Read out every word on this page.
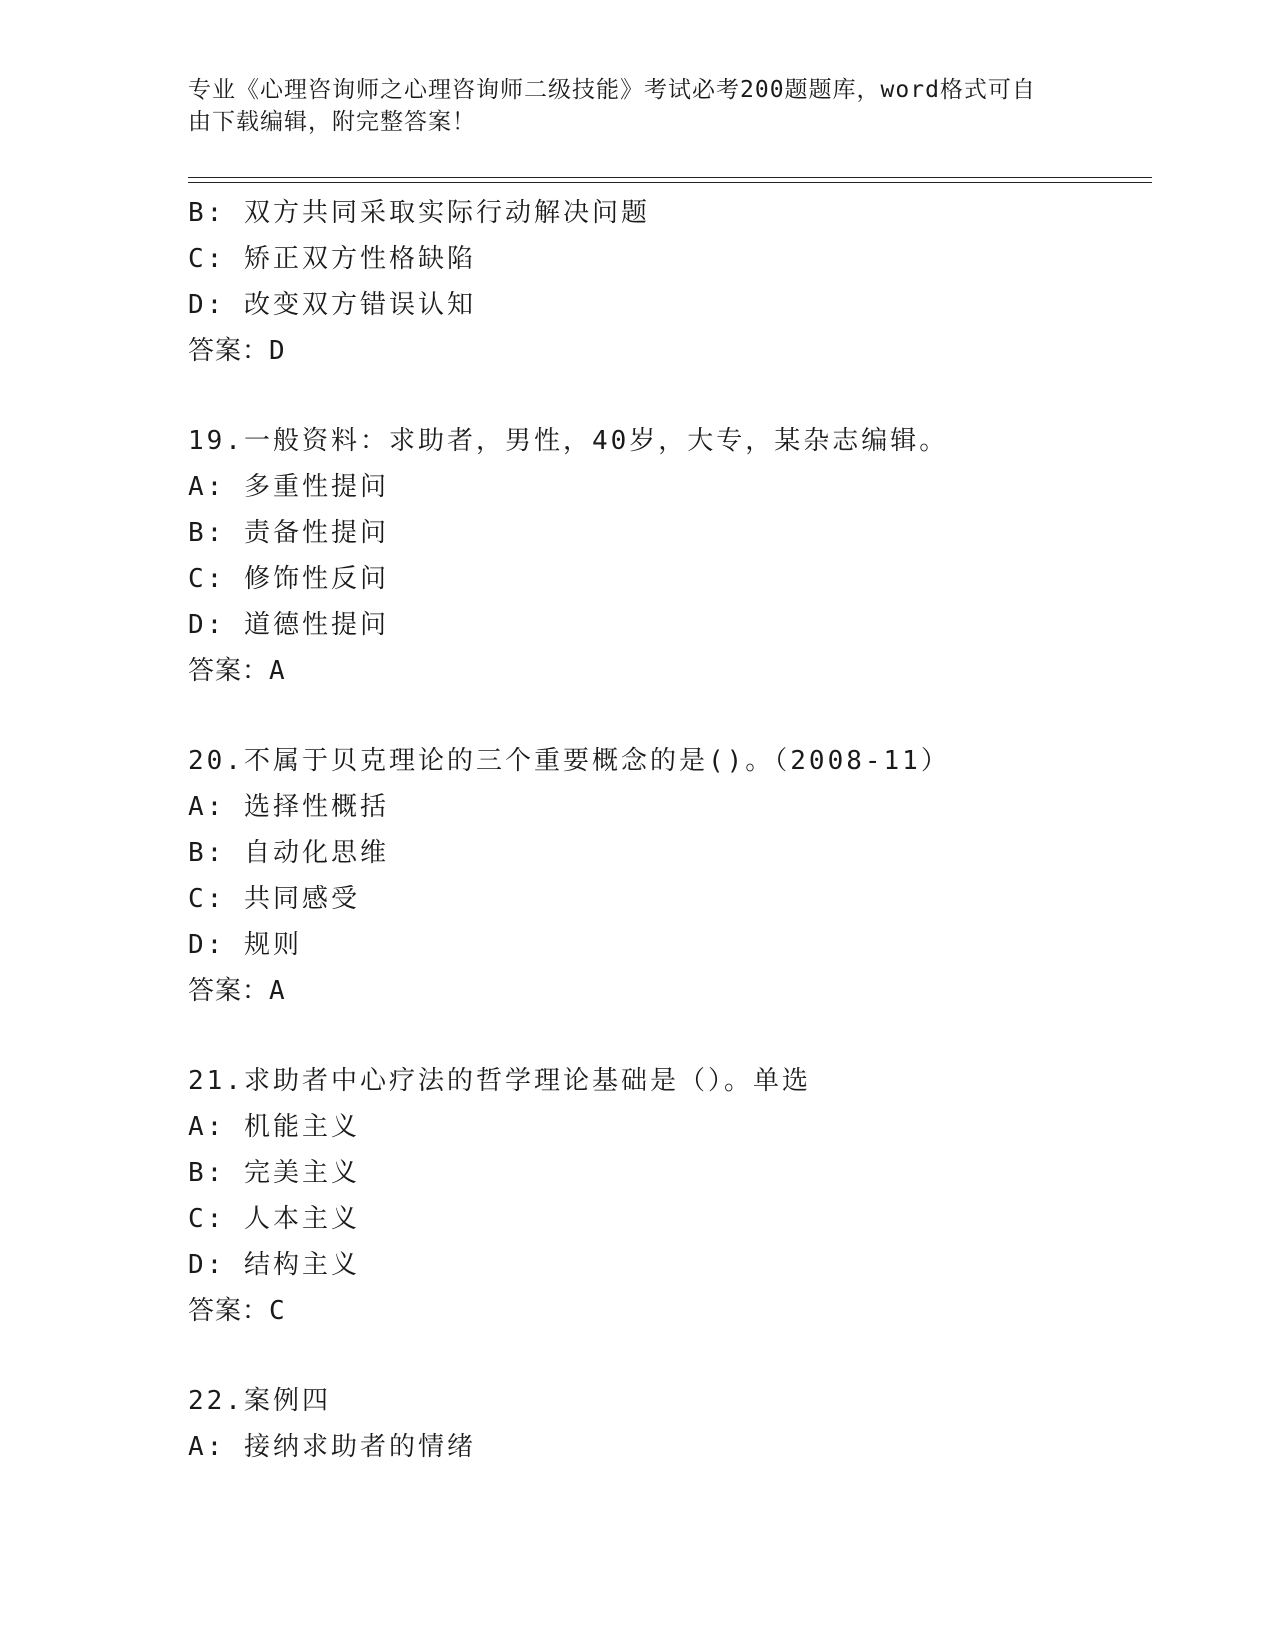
专业《心理咨询师之心理咨询师二级技能》考试必考200题题库，word格式可自
由下载编辑，附完整答案！
B: 双方共同采取实际行动解决问题
C: 矫正双方性格缺陷
D: 改变双方错误认知
答案：D
19.一般资料：求助者，男性，40岁，大专，某杂志编辑。
A: 多重性提问
B: 责备性提问
C: 修饰性反问
D: 道德性提问
答案：A
20.不属于贝克理论的三个重要概念的是()。（2008-11）
A: 选择性概括
B: 自动化思维
C: 共同感受
D: 规则
答案：A
21.求助者中心疗法的哲学理论基础是（）。单选
A: 机能主义
B: 完美主义
C: 人本主义
D: 结构主义
答案：C
22.案例四
A: 接纳求助者的情绪
